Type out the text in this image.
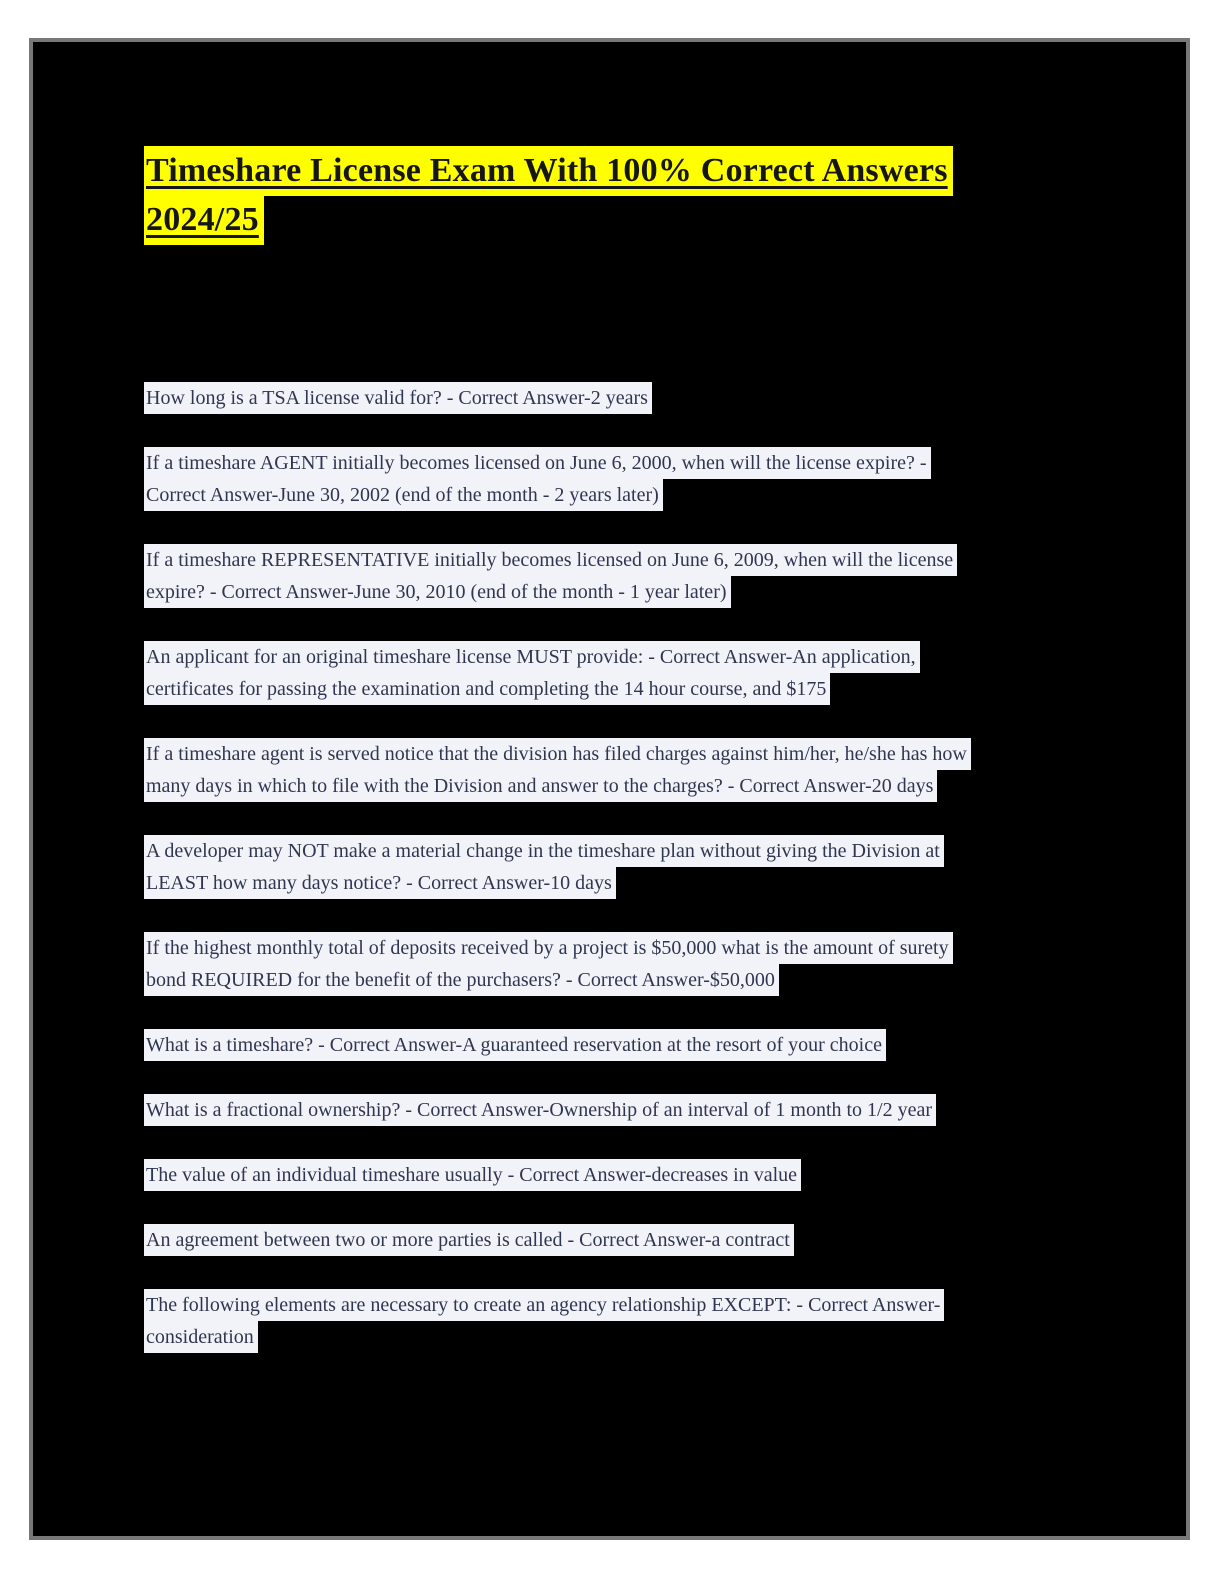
Timeshare License Exam With 100% Correct Answers
2024/25

How long is a TSA license valid for? - Correct Answer-2 years

If a timeshare AGENT initially becomes licensed on June 6, 2000, when will the license expire? -
Correct Answer-June 30, 2002 (end of the month - 2 years later)

If a timeshare REPRESENTATIVE initially becomes licensed on June 6, 2009, when will the license
expire? - Correct Answer-June 30, 2010 (end of the month - 1 year later)

An applicant for an original timeshare license MUST provide: - Correct Answer-An application,
certificates for passing the examination and completing the 14 hour course, and $175

If a timeshare agent is served notice that the division has filed charges against him/her, he/she has how
many days in which to file with the Division and answer to the charges? - Correct Answer-20 days

A developer may NOT make a material change in the timeshare plan without giving the Division at
LEAST how many days notice? - Correct Answer-10 days

If the highest monthly total of deposits received by a project is $50,000 what is the amount of surety
bond REQUIRED for the benefit of the purchasers? - Correct Answer-$50,000

What is a timeshare? - Correct Answer-A guaranteed reservation at the resort of your choice

What is a fractional ownership? - Correct Answer-Ownership of an interval of 1 month to 1/2 year

The value of an individual timeshare usually - Correct Answer-decreases in value

An agreement between two or more parties is called - Correct Answer-a contract

The following elements are necessary to create an agency relationship EXCEPT: - Correct Answer-
consideration
